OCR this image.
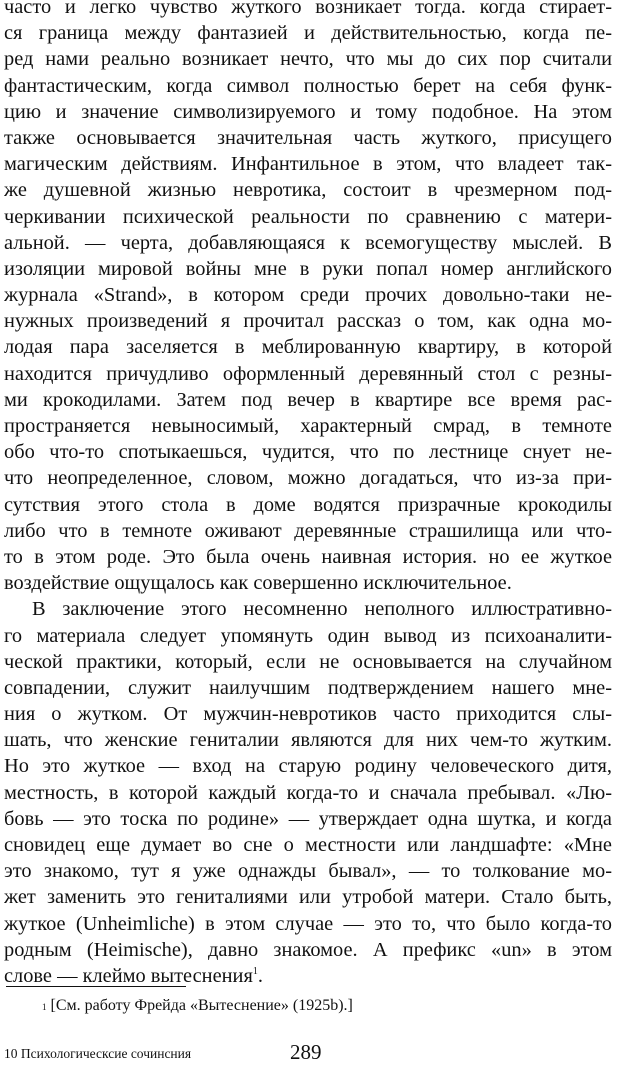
часто и легко чувство жуткого возникает тогда. когда стирает-
ся граница между фантазией и действительностью, когда пе-
ред нами реально возникает нечто, что мы до сих пор считали
фантастическим, когда символ полностью берет на себя функ-
цию и значение символизируемого и тому подобное. На этом
также основывается значительная часть жуткого, присущего
магическим действиям. Инфантильное в этом, что владеет так-
же душевной жизнью невротика, состоит в чрезмерном под-
черкивании психической реальности по сравнению с матери-
альной. — черта, добавляющаяся к всемогуществу мыслей. В
изоляции мировой войны мне в руки попал номер английского
журнала «Strand», в котором среди прочих довольно-таки не-
нужных произведений я прочитал рассказ о том, как одна мо-
лодая пара заселяется в меблированную квартиру, в которой
находится причудливо оформленный деревянный стол с резны-
ми крокодилами. Затем под вечер в квартире все время рас-
пространяется невыносимый, характерный смрад, в темноте
обо что-то спотыкаешься, чудится, что по лестнице снует не-
что неопределенное, словом, можно догадаться, что из-за при-
сутствия этого стола в доме водятся призрачные крокодилы
либо что в темноте оживают деревянные страшилища или что-
то в этом роде. Это была очень наивная история. но ее жуткое
воздействие ощущалось как совершенно исключительное.
В заключение этого несомненно неполного иллюстративно-
го материала следует упомянуть один вывод из психоаналити-
ческой практики, который, если не основывается на случайном
совпадении, служит наилучшим подтверждением нашего мне-
ния о жутком. От мужчин-невротиков часто приходится слы-
шать, что женские гениталии являются для них чем-то жутким.
Но это жуткое — вход на старую родину человеческого дитя,
местность, в которой каждый когда-то и сначала пребывал. «Лю-
бовь — это тоска по родине» — утверждает одна шутка, и когда
сновидец еще думает во сне о местности или ландшафте: «Мне
это знакомо, тут я уже однажды бывал», — то толкование мо-
жет заменить это гениталиями или утробой матери. Стало быть,
жуткое (Unheimliche) в этом случае — это то, что было когда-то
родным (Heimische), давно знакомое. А префикс «un» в этом
слове — клеймо вытеснения$^1$.
$^1$ [См. работу Фрейда «Вытеснение» (1925b).]
10 Психологическсие сочинсния	289
